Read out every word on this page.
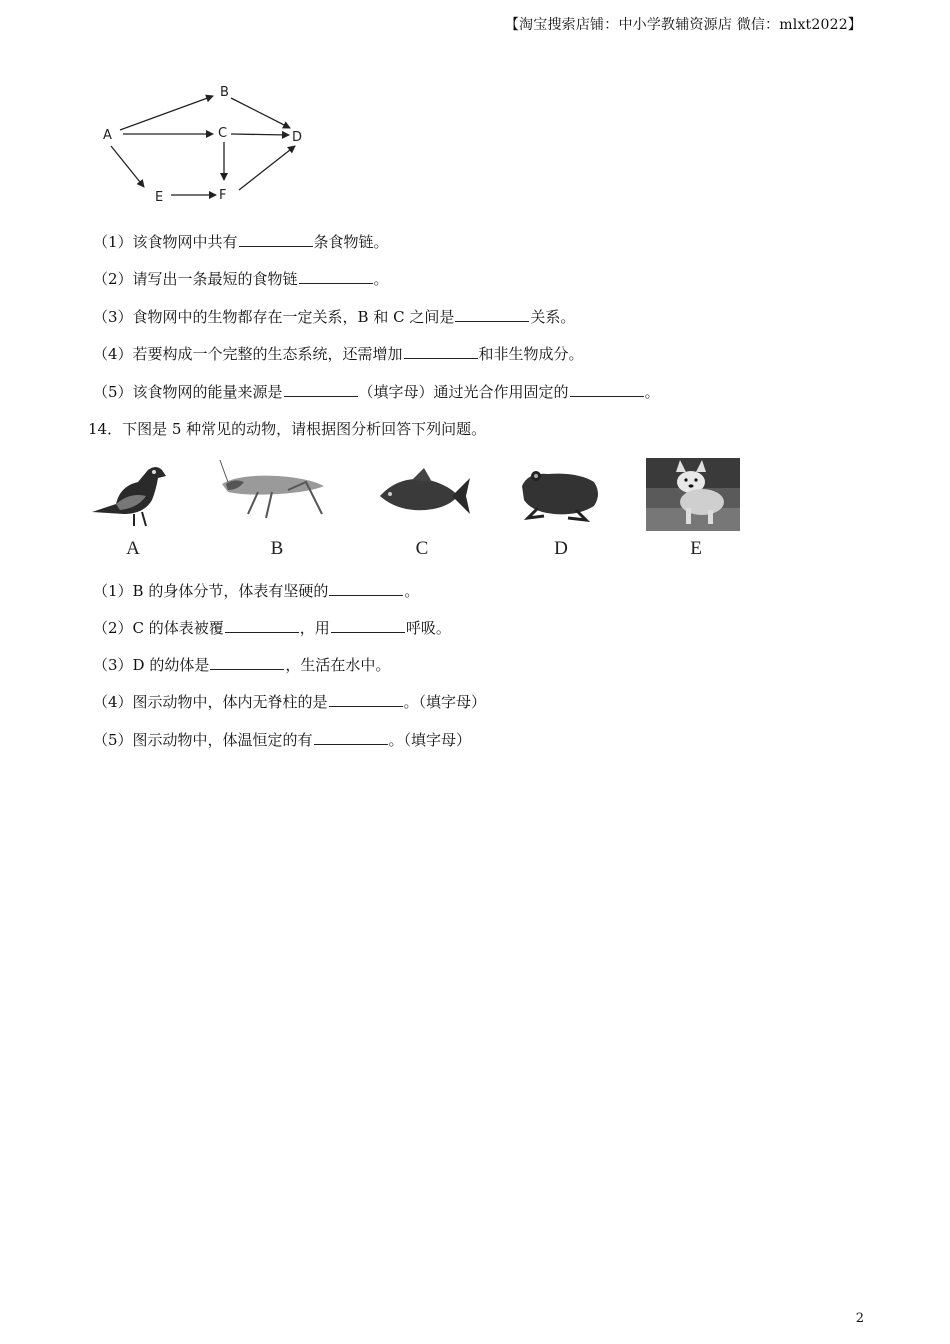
【淘宝搜索店铺：中小学教辅资源店 微信：mlxt2022】
A
B
C	D
E	F
（1）该食物网中共有	条食物链。
（2）请写出一条最短的食物链	。
（3）食物网中的生物都存在一定关系，B 和 C 之间是	关系。
（4）若要构成一个完整的生态系统，还需增加	和非生物成分。
（5）该食物网的能量来源是	（填字母）通过光合作用固定的	。
14．下图是 5 种常见的动物，请根据图分析回答下列问题。
A	B	C	D	E
（1）B 的身体分节，体表有坚硬的	。
（2）C 的体表被覆	，用	呼吸。
（3）D 的幼体是	，生活在水中。
（4）图示动物中，体内无脊柱的是	。（填字母）
（5）图示动物中，体温恒定的有	。（填字母）
2
